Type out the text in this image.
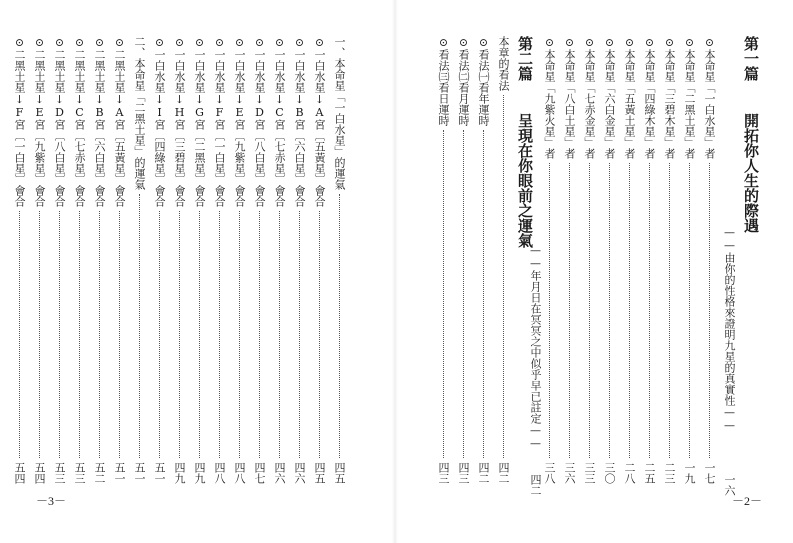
一、本命星「一白水星」的運氣
四五
⊙一白水星↓A宮〔五黃星〕會合
四五
⊙一白水星↓B宮〔六白星〕會合
四六
⊙一白水星↓C宮〔七赤星〕會合
四六
⊙一白水星↓D宮〔八白星〕會合
四七
⊙一白水星↓E宮〔九紫星〕會合
四八
⊙一白水星↓F宮〔一白星〕會合
四八
⊙一白水星↓G宮〔二黑星〕會合
四九
⊙一白水星↓H宮〔三碧星〕會合
四九
⊙一白水星↓I宮〔四綠星〕會合
五一
二、本命星「二黑土星」的運氣
五一
⊙二黑土星↓A宮〔五黃星〕會合
五一
⊙二黑土星↓B宮〔六白星〕會合
五二
⊙二黑土星↓C宮〔七赤星〕會合
五三
⊙二黑土星↓D宮〔八白星〕會合
五三
⊙二黑土星↓E宮〔九紫星〕會合
五四
⊙二黑土星↓F宮〔一白星〕會合
五四
－3－
第一篇 開拓你人生的際遇
——由你的性格來證明九星的真實性——
一六
⊙本命星「一白水星」者
一七
⊙本命星「二黑土星」者
一九
⊙本命星「三碧木星」者
二三
⊙本命星「四綠木星」者
二五
⊙本命星「五黃土星」者
二八
⊙本命星「六白金星」者
三〇
⊙本命星「七赤金星」者
三三
⊙本命星「八白土星」者
三六
⊙本命星「九紫火星」者
三八
第二篇 呈現在你眼前之運氣
——年月日在冥冥之中似乎早已註定——
四二
本章的看法
四二
⊙看法㈠看年運時
四二
⊙看法㈡看月運時
四三
⊙看法㈢看日運時
四三
－2－
